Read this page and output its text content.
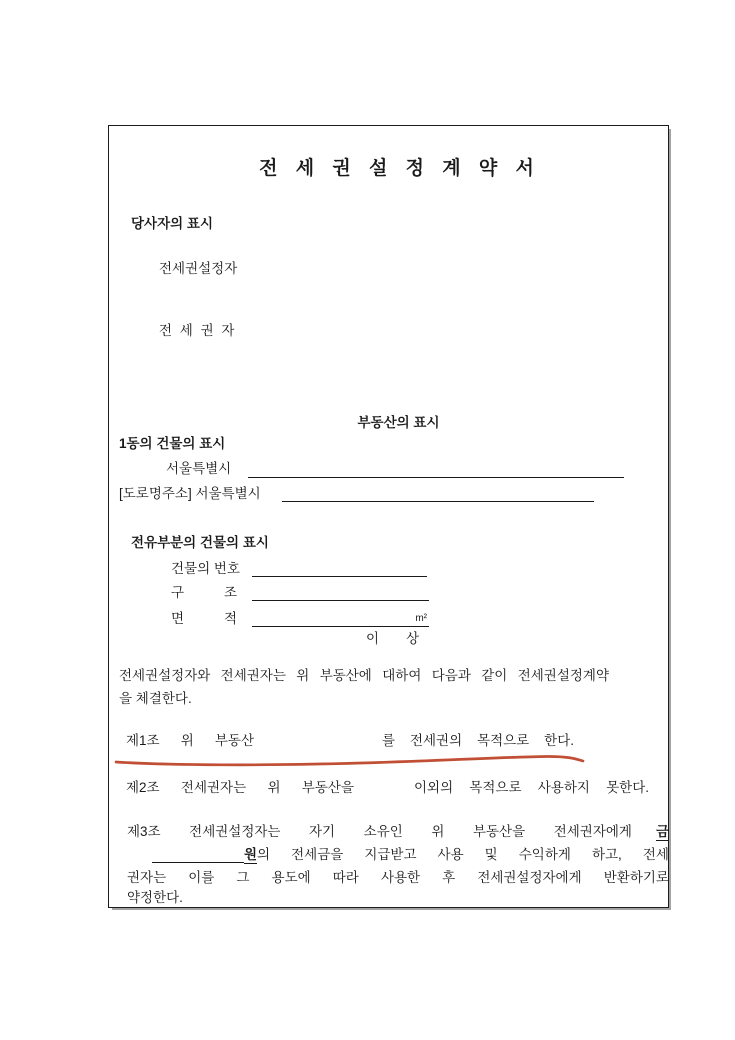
전 세 권 설 정 계 약 서
당사자의 표시
전세권설정자
전 세 권 자
부동산의 표시
1동의 건물의 표시
서울특별시
[도로명주소] 서울특별시
전유부분의 건물의 표시
건물의 번호
구	조
면	적	m²
이 상
전세권설정자와 전세권자는 위 부동산에 대하여 다음과 같이 전세권설정계약
을 체결한다.
제1조 위 부동산	를 전세권의 목적으로 한다.
제2조 전세권자는 위 부동산을	이외의 목적으로 사용하지 못한다.
제3조 전세권설정자는 자기 소유인 위 부동산을 전세권자에게 금
원 의 전세금을 지급받고 사용 및 수익하게 하고, 전세
권자는 이를 그 용도에 따라 사용한 후 전세권설정자에게 반환하기로
약정한다.
